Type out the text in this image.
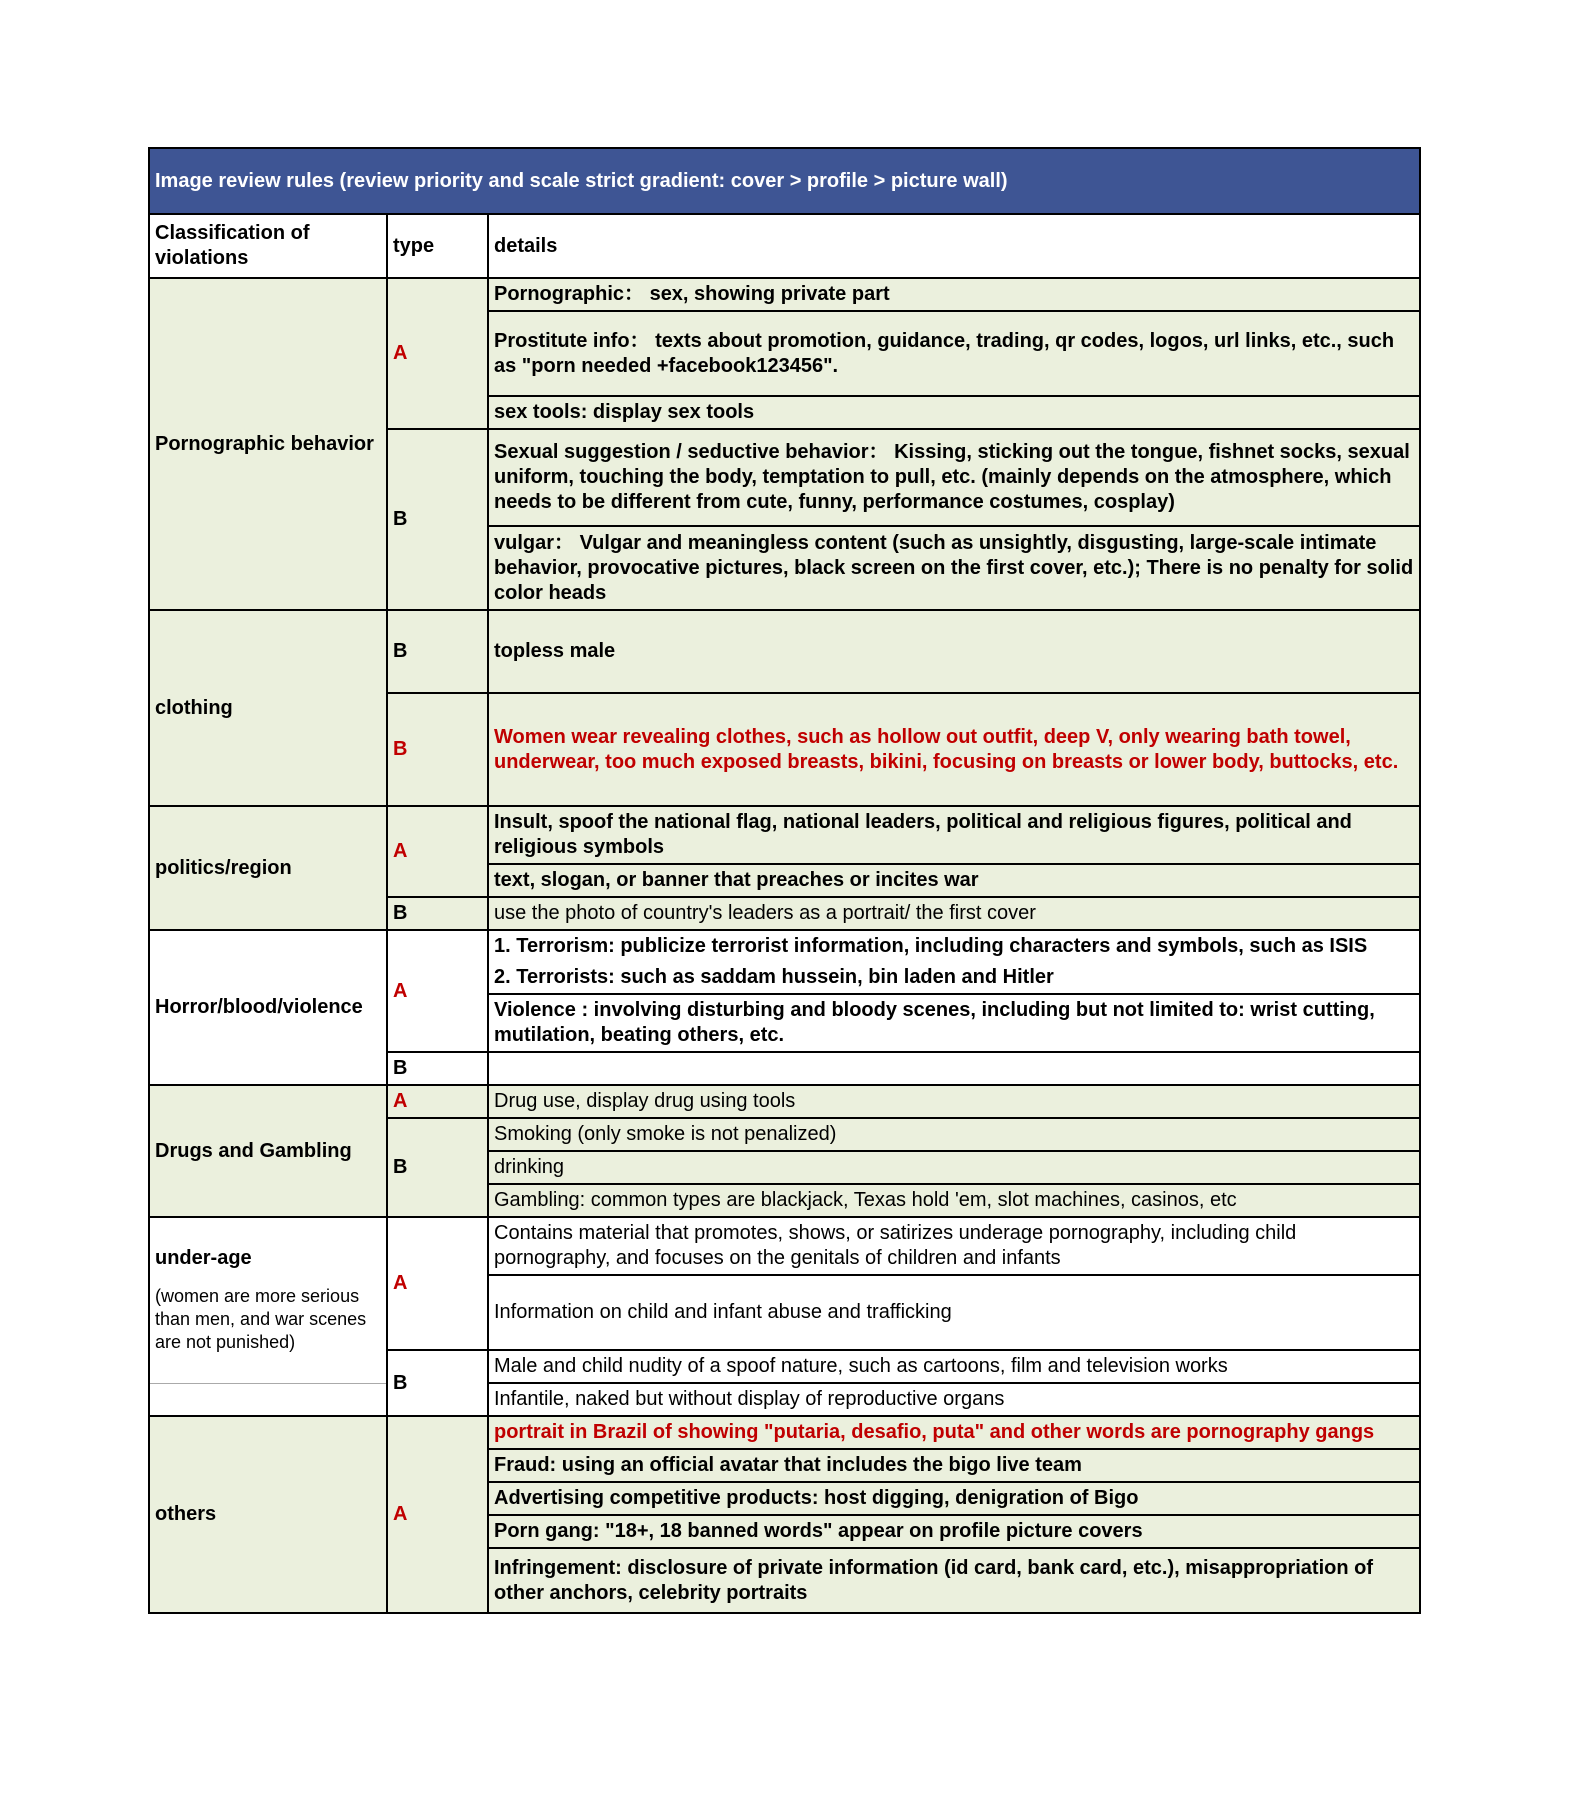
Image review rules (review priority and scale strict gradient: cover > profile > picture wall)		
Classification of violations	type	details
Pornographic behavior	A	Pornographic： sex, showing private part
		Prostitute info： texts about promotion, guidance, trading, qr codes, logos, url links, etc., such as "porn needed +facebook123456".
		sex tools: display sex tools
	B	Sexual suggestion / seductive behavior： Kissing, sticking out the tongue, fishnet socks, sexual uniform, touching the body, temptation to pull, etc. (mainly depends on the atmosphere, which needs to be different from cute, funny, performance costumes, cosplay)
		vulgar： Vulgar and meaningless content (such as unsightly, disgusting, large-scale intimate behavior, provocative pictures, black screen on the first cover, etc.); There is no penalty for solid color heads
clothing	B	topless male
	B	Women wear revealing clothes, such as hollow out outfit, deep V, only wearing bath towel, underwear, too much exposed breasts, bikini, focusing on breasts or lower body, buttocks, etc.
politics/region	A	Insult, spoof the national flag, national leaders, political and religious figures, political and religious symbols
		text, slogan, or banner that preaches or incites war
	B	use the photo of country's leaders as a portrait/ the first cover
Horror/blood/violence	A	1. Terrorism: publicize terrorist information, including characters and symbols, such as ISIS
		2. Terrorists: such as saddam hussein, bin laden and Hitler
		Violence : involving disturbing and bloody scenes, including but not limited to: wrist cutting, mutilation, beating others, etc.
	B	
Drugs and Gambling	A	Drug use, display drug using tools
	B	Smoking (only smoke is not penalized)
		drinking
		Gambling: common types are blackjack, Texas hold 'em, slot machines, casinos, etc
under-age
(women are more serious than men, and war scenes are not punished)	A	Contains material that promotes, shows, or satirizes underage pornography, including child pornography, and focuses on the genitals of children and infants
		Information on child and infant abuse and trafficking
	B	Male and child nudity of a spoof nature, such as cartoons, film and television works
		Infantile, naked but without display of reproductive organs
others	A	portrait in Brazil of showing "putaria, desafio, puta" and other words are pornography gangs
		Fraud: using an official avatar that includes the bigo live team
		Advertising competitive products: host digging, denigration of Bigo
		Porn gang: "18+, 18 banned words" appear on profile picture covers
		Infringement: disclosure of private information (id card, bank card, etc.), misappropriation of other anchors, celebrity portraits
